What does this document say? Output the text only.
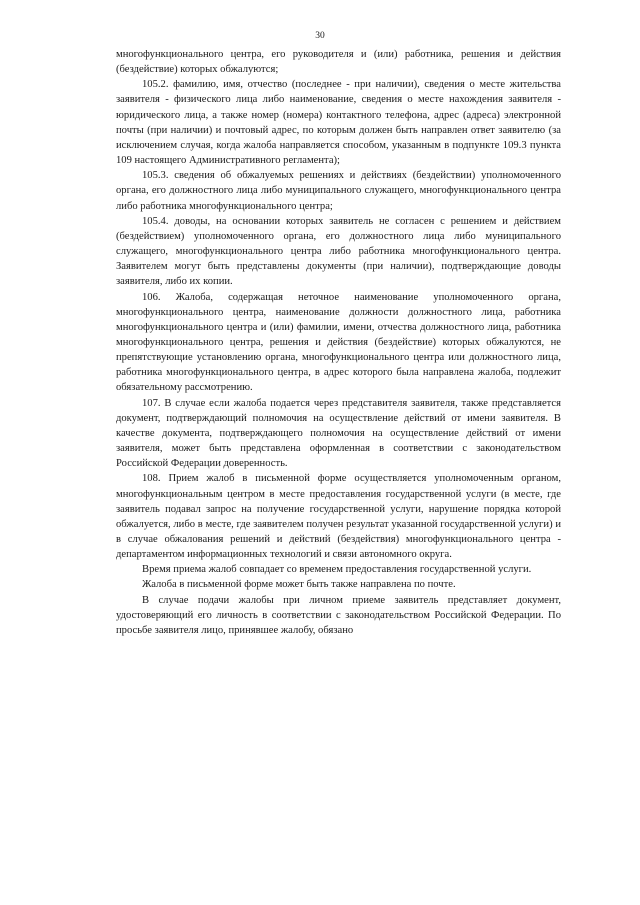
30

многофункционального центра, его руководителя и (или) работника, решения и действия (бездействие) которых обжалуются;

105.2. фамилию, имя, отчество (последнее - при наличии), сведения о месте жительства заявителя - физического лица либо наименование, сведения о месте нахождения заявителя - юридического лица, а также номер (номера) контактного телефона, адрес (адреса) электронной почты (при наличии) и почтовый адрес, по которым должен быть направлен ответ заявителю (за исключением случая, когда жалоба направляется способом, указанным в подпункте 109.3 пункта 109 настоящего Административного регламента);

105.3. сведения об обжалуемых решениях и действиях (бездействии) уполномоченного органа, его должностного лица либо муниципального служащего, многофункционального центра либо работника многофункционального центра;

105.4. доводы, на основании которых заявитель не согласен с решением и действием (бездействием) уполномоченного органа, его должностного лица либо муниципального служащего, многофункционального центра либо работника многофункционального центра. Заявителем могут быть представлены документы (при наличии), подтверждающие доводы заявителя, либо их копии.

106. Жалоба, содержащая неточное наименование уполномоченного органа, многофункционального центра, наименование должности должностного лица, работника многофункционального центра и (или) фамилии, имени, отчества должностного лица, работника многофункционального центра, решения и действия (бездействие) которых обжалуются, не препятствующие установлению органа, многофункционального центра или должностного лица, работника многофункционального центра, в адрес которого была направлена жалоба, подлежит обязательному рассмотрению.

107. В случае если жалоба подается через представителя заявителя, также представляется документ, подтверждающий полномочия на осуществление действий от имени заявителя. В качестве документа, подтверждающего полномочия на осуществление действий от имени заявителя, может быть представлена оформленная в соответствии с законодательством Российской Федерации доверенность.

108. Прием жалоб в письменной форме осуществляется уполномоченным органом, многофункциональным центром в месте предоставления государственной услуги (в месте, где заявитель подавал запрос на получение государственной услуги, нарушение порядка которой обжалуется, либо в месте, где заявителем получен результат указанной государственной услуги) и в случае обжалования решений и действий (бездействия) многофункционального центра - департаментом информационных технологий и связи автономного округа.

Время приема жалоб совпадает со временем предоставления государственной услуги.

Жалоба в письменной форме может быть также направлена по почте.

В случае подачи жалобы при личном приеме заявитель представляет документ, удостоверяющий его личность в соответствии с законодательством Российской Федерации. По просьбе заявителя лицо, принявшее жалобу, обязано
